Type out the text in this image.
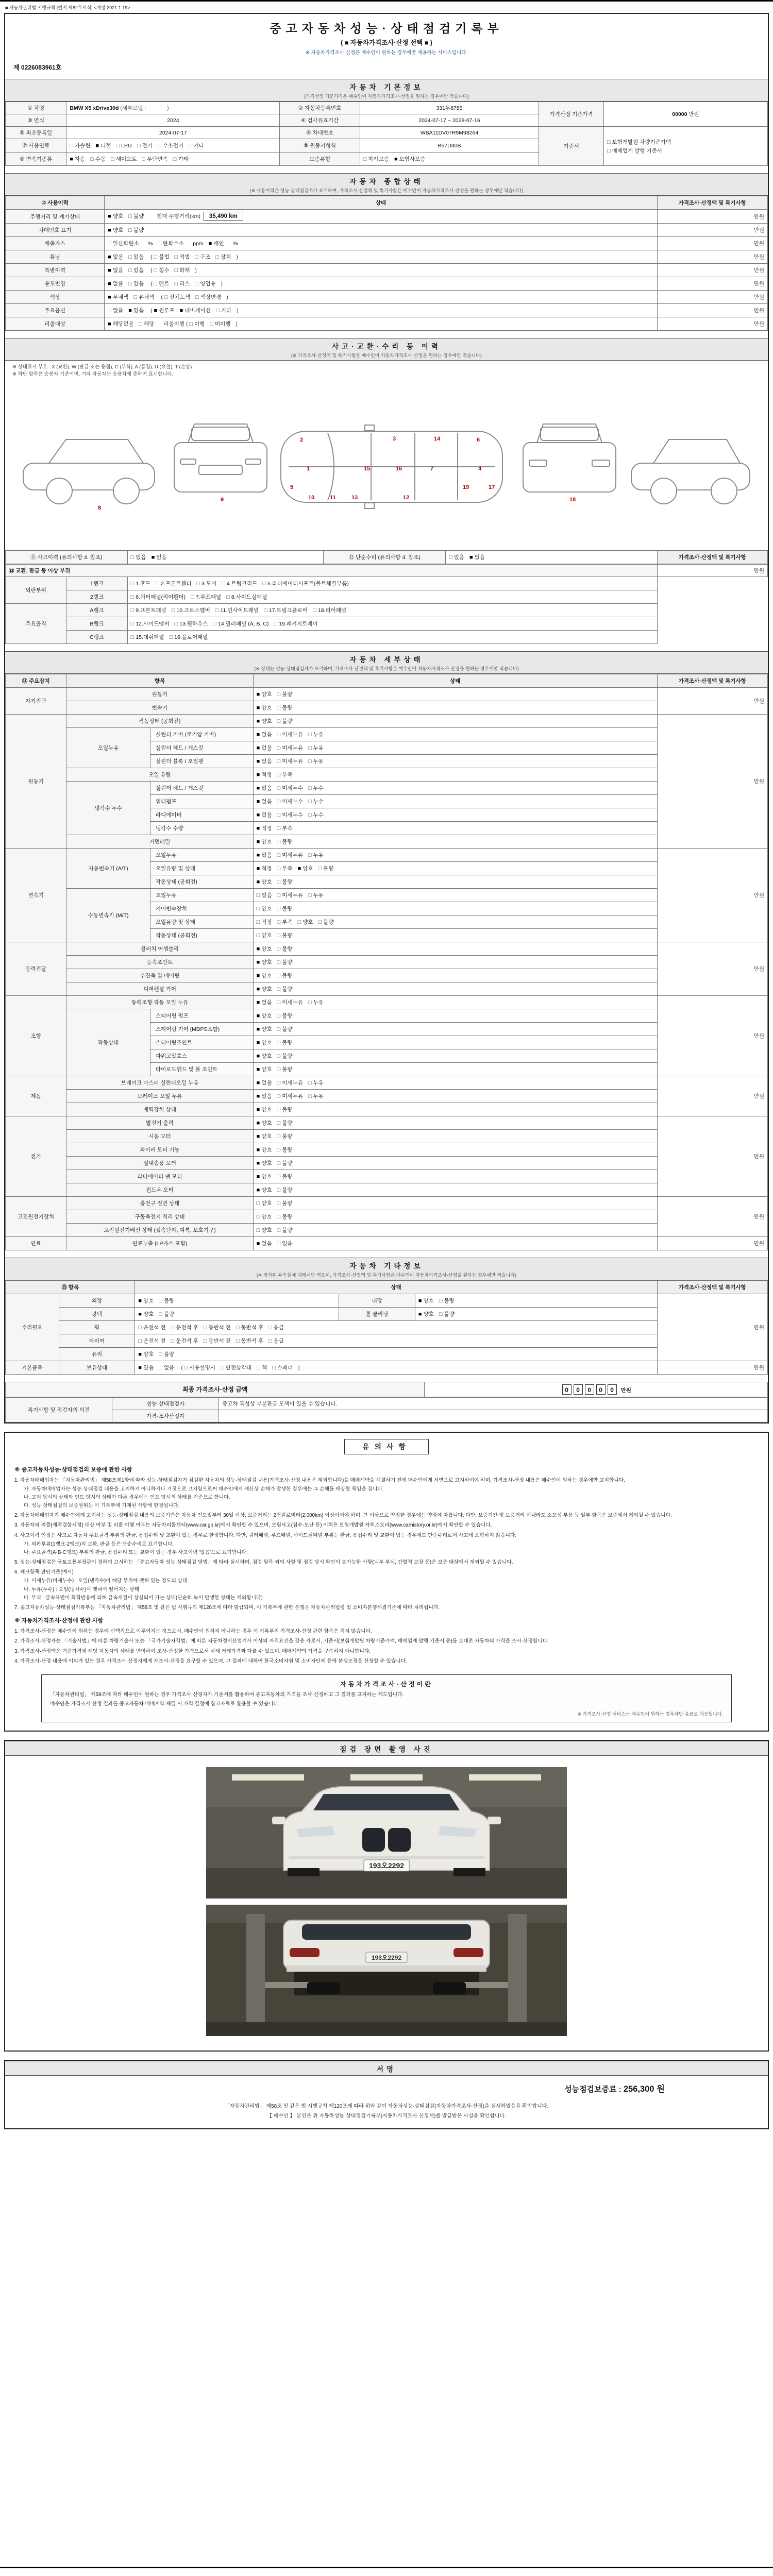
■ 자동차관리법 시행규칙 [별지 제82호서식] <개정 2021.1.19>
중고자동차성능·상태점검기록부
( ■ 자동차가격조사·산정 선택 ■ )
※ 자동차가격조사·산정은 매수인이 원하는 경우에만 제공하는 서비스입니다.
제 0226083961호
자동차 기본정보
(가격산정 기준가격은 매수인이 자동차가격조사·산정을 원하는 경우에만 적습니다)
① 차명	BMW X5 xDrive30d (세부모델 :              )	② 자동차등록번호	331두8785	가격산정 기준가격	00000 만원
③ 연식	2024	④ 검사유효기간	2024-07-17 ~ 2028-07-16		
⑤ 최초등록일	2024-07-17	⑥ 차대번호	WBA11DV07R9M98264	기준서	□ 보험개발원 차량기준가액
□ 매매업계 발행 기준서

⑦ 사용연료	□ 가솔린 ■ 디젤 □ LPG □ 전기 □ 수소전기 □ 기타	⑧ 원동기형식	B57D30B		
⑨ 변속기종류	■ 자동 □ 수동 □ 세미오토 □ 무단변속 □ 기타	보증유형	□ 자가보증 ■ 보험사보증		
자동차 종합상태
(※ 사용이력은 성능·상태점검자가 표기하며, 가격조사·산정액 및 특기사항은 매수인이 자동차가격조사·산정을 원하는 경우에만 적습니다)
⑩ 사용이력	상태	가격조사·산정액 및 특기사항
주행거리 및 계기상태	■ 양호 □ 불량 현재 주행거리(km) 35,490 km	만원
차대번호 표기	■ 양호 □ 불량	만원
배출가스	□ 일산화탄소      % □ 탄화수소      ppm ■ 매연      %	만원
튜닝	■ 없음 □ 있음 ( □ 불법 □ 적법 □ 구조 □ 장치 )	만원
특별이력	■ 없음 □ 있음 ( □ 침수 □ 화재 )	만원
용도변경	■ 없음 □ 있음 ( □ 렌트 □ 리스 □ 영업용 )	만원
색상	■ 무채색 □ 유채색 ( □ 전체도색 □ 색상변경 )	만원
주요옵션	□ 없음 ■ 있음 ( ■ 썬루프 ■ 네비게이션 □ 기타 )	만원
리콜대상	■ 해당없음 □ 해당 리콜이행 ( □ 이행 □ 미이행 )	만원
사고·교환·수리 등 이력
(※ 가격조사·산정액 및 특기사항은 매수인이 자동차가격조사·산정을 원하는 경우에만 적습니다)
※ 상태표시 부호 : X (교환), W (판금 또는 용접), C (부식), A (흠집), U (요철), T (손상)
※ 하단 항목은 승용차 기준이며, 기타 자동차는 승용차에 준하여 표시합니다.
1
2	3
4
5
6
7
8
9	10	11	12
13
14
15	16
17
18
19
⑪ 사고이력 (유의사항 4. 참조)	□ 있음 ■ 없음	⑫ 단순수리 (유의사항 4. 참조)	□ 있음 ■ 없음	가격조사·산정액 및 특기사항
⑬ 교환, 판금 등 이상 부위			만원
외판부위	1랭크	□ 1.후드 □ 2.프론트휀더 □ 3.도어 □ 4.트렁크리드 □ 5.라디에이터서포트(볼트체결부품)	
	2랭크	□ 6.쿼터패널(리어휀더) □ 7.루프패널 □ 8.사이드실패널	
주요골격	A랭크	□ 9.프론트패널 □ 10.크로스멤버 □ 11.인사이드패널 □ 17.트렁크플로어 □ 18.리어패널	
	B랭크	□ 12.사이드멤버 □ 13.휠하우스 □ 14.필러패널 (A, B, C) □ 19.패키지트레이	
	C랭크	□ 15.대쉬패널 □ 16.플로어패널	
자동차 세부상태
(※ 상태는 성능·상태점검자가 표기하며, 가격조사·산정액 및 특기사항은 매수인이 자동차가격조사·산정을 원하는 경우에만 적습니다)
⑭ 주요장치	항목		상태	가격조사·산정액 및 특기사항
자기진단	원동기		■ 양호 □ 불량	만원
	변속기		■ 양호 □ 불량	
원동기	작동상태 (공회전)		■ 양호 □ 불량	만원
	오일누유	실린더 커버 (로커암 커버)	■ 없음 □ 미세누유 □ 누유	
		실린더 헤드 / 개스킷	■ 없음 □ 미세누유 □ 누유	
		실린더 블록 / 오일팬	■ 없음 □ 미세누유 □ 누유	
	오일 유량		■ 적정 □ 부족	
	냉각수 누수	실린더 헤드 / 개스킷	■ 없음 □ 미세누수 □ 누수	
		워터펌프	■ 없음 □ 미세누수 □ 누수	
		라디에이터	■ 없음 □ 미세누수 □ 누수	
		냉각수 수량	■ 적정 □ 부족	
	커먼레일		■ 양호 □ 불량	
변속기	자동변속기 (A/T)	오일누유	■ 없음 □ 미세누유 □ 누유	만원
		오일유량 및 상태	■ 적정 □ 부족 ■ 양호 □ 불량	
		작동상태 (공회전)	■ 양호 □ 불량	
	수동변속기 (M/T)	오일누유	□ 없음 □ 미세누유 □ 누유	
		기어변속장치	□ 양호 □ 불량	
		오일유량 및 상태	□ 적정 □ 부족 □ 양호 □ 불량	
		작동상태 (공회전)	□ 양호 □ 불량	
동력전달	클러치 어셈블리		■ 양호 □ 불량	만원
	등속조인트		■ 양호 □ 불량	
	추진축 및 베어링		■ 양호 □ 불량	
	디퍼렌셜 기어		■ 양호 □ 불량	
조향	동력조향 작동 오일 누유		■ 없음 □ 미세누유 □ 누유	만원
	작동상태	스티어링 펌프	■ 양호 □ 불량	
		스티어링 기어 (MDPS포함)	■ 양호 □ 불량	
		스티어링조인트	■ 양호 □ 불량	
		파워고압호스	■ 양호 □ 불량	
		타이로드엔드 및 볼 조인트	■ 양호 □ 불량	
제동	브레이크 마스터 실린더오일 누유		■ 없음 □ 미세누유 □ 누유	만원
	브레이크 오일 누유		■ 없음 □ 미세누유 □ 누유	
	배력장치 상태		■ 양호 □ 불량	
전기	발전기 출력		■ 양호 □ 불량	만원
	시동 모터		■ 양호 □ 불량	
	와이퍼 모터 기능		■ 양호 □ 불량	
	실내송풍 모터		■ 양호 □ 불량	
	라디에이터 팬 모터		■ 양호 □ 불량	
	윈도우 모터		■ 양호 □ 불량	
고전원전기장치	충전구 절연 상태		□ 양호 □ 불량	만원
	구동축전지 격리 상태		□ 양호 □ 불량	
	고전원전기배선 상태 (접속단자, 피복, 보호기구)		□ 양호 □ 불량	
연료	연료누출 (LP가스 포함)		■ 없음 □ 있음	만원
자동차 기타정보
(※ 장착된 부속품에 대해서만 적으며, 가격조사·산정액 및 특기사항은 매수인이 자동차가격조사·산정을 원하는 경우에만 적습니다)
⑮ 항목		상태			가격조사·산정액 및 특기사항
수리필요	외장	■ 양호 □ 불량	내장	■ 양호 □ 불량	만원
	광택	■ 양호 □ 불량	룸 클리닝	■ 양호 □ 불량	
	휠	□ 운전석 전 □ 운전석 후 □ 동반석 전 □ 동반석 후 □ 응급			
	타이어	□ 운전석 전 □ 운전석 후 □ 동반석 전 □ 동반석 후 □ 응급			
	유리	■ 양호 □ 불량			
기본품목	보유상태	■ 있음 □ 없음 ( □ 사용설명서 □ 안전삼각대 □ 잭 □ 스패너 )			만원
최종 가격조사·산정 금액	0 0 0 0 0 만원
특기사항 및 점검자의 의견	성능·상태점검자	중고차 특성상 부분판금 도색이 있을 수 있습니다.
	가격·조사산정자	
유의사항
※ 중고자동차성능·상태점검의 보증에 관한 사항

1. 자동차매매업자는 「자동차관리법」 제58조제1항에 따라 성능·상태점검자가 점검한 자동차의 성능·상태점검 내용(가격조사·산정 내용은 제외합니다)을 매매계약을 체결하기 전에 매수인에게 서면으로 고지하여야 하며, 가격조사·산정 내용은 매수인이 원하는 경우에만 고지합니다.

가. 자동차매매업자는 성능·상태점검 내용을 고지하지 아니하거나 거짓으로 고지함으로써 매수인에게 재산상 손해가 발생한 경우에는 그 손해를 배상할 책임을 집니다.

나. 고지 당시의 상태와 인도 당시의 상태가 다른 경우에는 인도 당시의 상태를 기준으로 합니다.

다. 성능·상태점검의 보증범위는 이 기록부에 기재된 사항에 한정됩니다.

2. 자동차매매업자가 매수인에게 고지하는 성능·상태점검 내용의 보증기간은 자동차 인도일부터 30일 이상, 보증거리는 2천킬로미터(2,000km) 이상이어야 하며, 그 이상으로 약정한 경우에는 약정에 따릅니다. 다만, 보증기간 및 보증거리 이내라도 소모성 부품 등 일부 항목은 보증에서 제외될 수 있습니다.

3. 자동차의 리콜(제작결함시정) 대상 여부 및 리콜 이행 여부는 자동차리콜센터(www.car.go.kr)에서 확인할 수 있으며, 보험사고(침수·도난 등) 이력은 보험개발원 카히스토리(www.carhistory.or.kr)에서 확인할 수 있습니다.

4. 사고이력 인정은 사고로 자동차 주요골격 부위의 판금, 용접수리 및 교환이 있는 경우로 한정합니다. 다만, 쿼터패널, 루프패널, 사이드실패널 부위는 판금, 용접수리 및 교환이 있는 경우에도 단순수리로서 사고에 포함하지 않습니다.

가. 외판부위(1랭크·2랭크)의 교환, 판금 등은 단순수리로 표기합니다.

나. 주요골격(A·B·C랭크) 부위의 판금, 용접수리 또는 교환이 있는 경우 사고이력 '있음'으로 표기합니다.

5. 성능·상태점검은 국토교통부장관이 정하여 고시하는 「중고자동차 성능·상태점검 방법」에 따라 실시하며, 점검 항목 외의 사항 및 점검 당시 확인이 불가능한 사항(내부 부식, 간헐적 고장 등)은 보증 대상에서 제외될 수 있습니다.

6. 체크항목 판단기준(예시)

가. 미세누유(미세누수) : 오일(냉각수)이 해당 부위에 맺혀 있는 정도의 상태

나. 누유(누수) : 오일(냉각수)이 맺혀서 떨어지는 상태

다. 부식 : 금속표면이 화학반응에 의해 금속재질이 상실되어 가는 상태(단순히 녹이 발생한 상태는 제외합니다)

7. 중고자동차성능·상태점검기록부는 「자동차관리법」 제58조 및 같은 법 시행규칙 제120조에 따라 발급되며, 이 기록부에 관한 분쟁은 자동차관리법령 및 소비자분쟁해결기준에 따라 처리됩니다.

※ 자동차가격조사·산정에 관한 사항

1. 가격조사·산정은 매수인이 원하는 경우에 선택적으로 이루어지는 것으로서, 매수인이 원하지 아니하는 경우 이 기록부의 가격조사·산정 관련 항목은 적지 않습니다.

2. 가격조사·산정자는 「기술사법」에 따른 차량기술사 또는 「국가기술자격법」에 따른 자동차정비산업기사 이상의 자격요건을 갖춘 자로서, 기준서(보험개발원 차량기준가액, 매매업계 발행 기준서 등)를 토대로 자동차의 가격을 조사·산정합니다.

3. 가격조사·산정액은 기준가격에 해당 자동차의 상태를 반영하여 조사·산정한 가격으로서 실제 거래가격과 다를 수 있으며, 매매계약의 가격을 구속하지 아니합니다.

4. 가격조사·산정 내용에 이의가 있는 경우 가격조사·산정자에게 재조사·산정을 요구할 수 있으며, 그 결과에 대하여 한국소비자원 및 소비자단체 등에 분쟁조정을 신청할 수 있습니다.

자동차가격조사·산정이란

「자동차관리법」 제58조에 따라 매수인이 원하는 경우 가격조사·산정자가 기준서를 활용하여 중고자동차의 가격을 조사·산정하고 그 결과를 고지하는 제도입니다.

매수인은 가격조사·산정 결과를 중고자동차 매매계약 체결 시 가격 결정에 참고자료로 활용할 수 있습니다.

※ 가격조사·산정 서비스는 매수인이 원하는 경우에만 유료로 제공됩니다.
점검 장면 촬영 사진
193오2292
193오2292
서명
성능점검보증료 : 256,300 원

「자동차관리법」 제58조 및 같은 법 시행규칙 제120조에 따라 위와 같이 자동차성능·상태점검(자동차가격조사·산정)을 실시하였음을 확인합니다.

【 매수인 】 본인은 위 자동차성능·상태점검기록부(자동차가격조사·산정서)를 발급받은 사실을 확인합니다.
